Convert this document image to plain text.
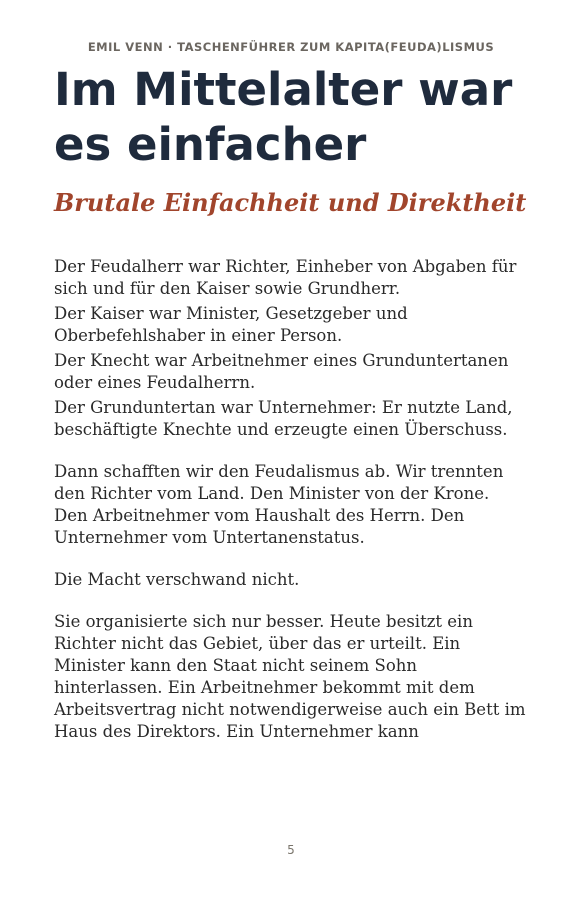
EMIL VENN · TASCHENFÜHRER ZUM KAPITA(FEUDA)LISMUS
Im Mittelalter war es einfacher
Brutale Einfachheit und Direktheit

Der Feudalherr war Richter, Einheber von Abgaben für sich und für den Kaiser sowie Grundherr.

Der Kaiser war Minister, Gesetzgeber und Oberbefehlshaber in einer Person.

Der Knecht war Arbeitnehmer eines Grunduntertanen oder eines Feudalherrn.

Der Grunduntertan war Unternehmer: Er nutzte Land, beschäftigte Knechte und erzeugte einen Überschuss.

Dann schafften wir den Feudalismus ab. Wir trennten den Richter vom Land. Den Minister von der Krone. Den Arbeitnehmer vom Haushalt des Herrn. Den Unternehmer vom Untertanenstatus.

Die Macht verschwand nicht.

Sie organisierte sich nur besser. Heute besitzt ein Richter nicht das Gebiet, über das er urteilt. Ein Minister kann den Staat nicht seinem Sohn hinterlassen. Ein Arbeitnehmer bekommt mit dem Arbeitsvertrag nicht notwendigerweise auch ein Bett im Haus des Direktors. Ein Unternehmer kann

5
